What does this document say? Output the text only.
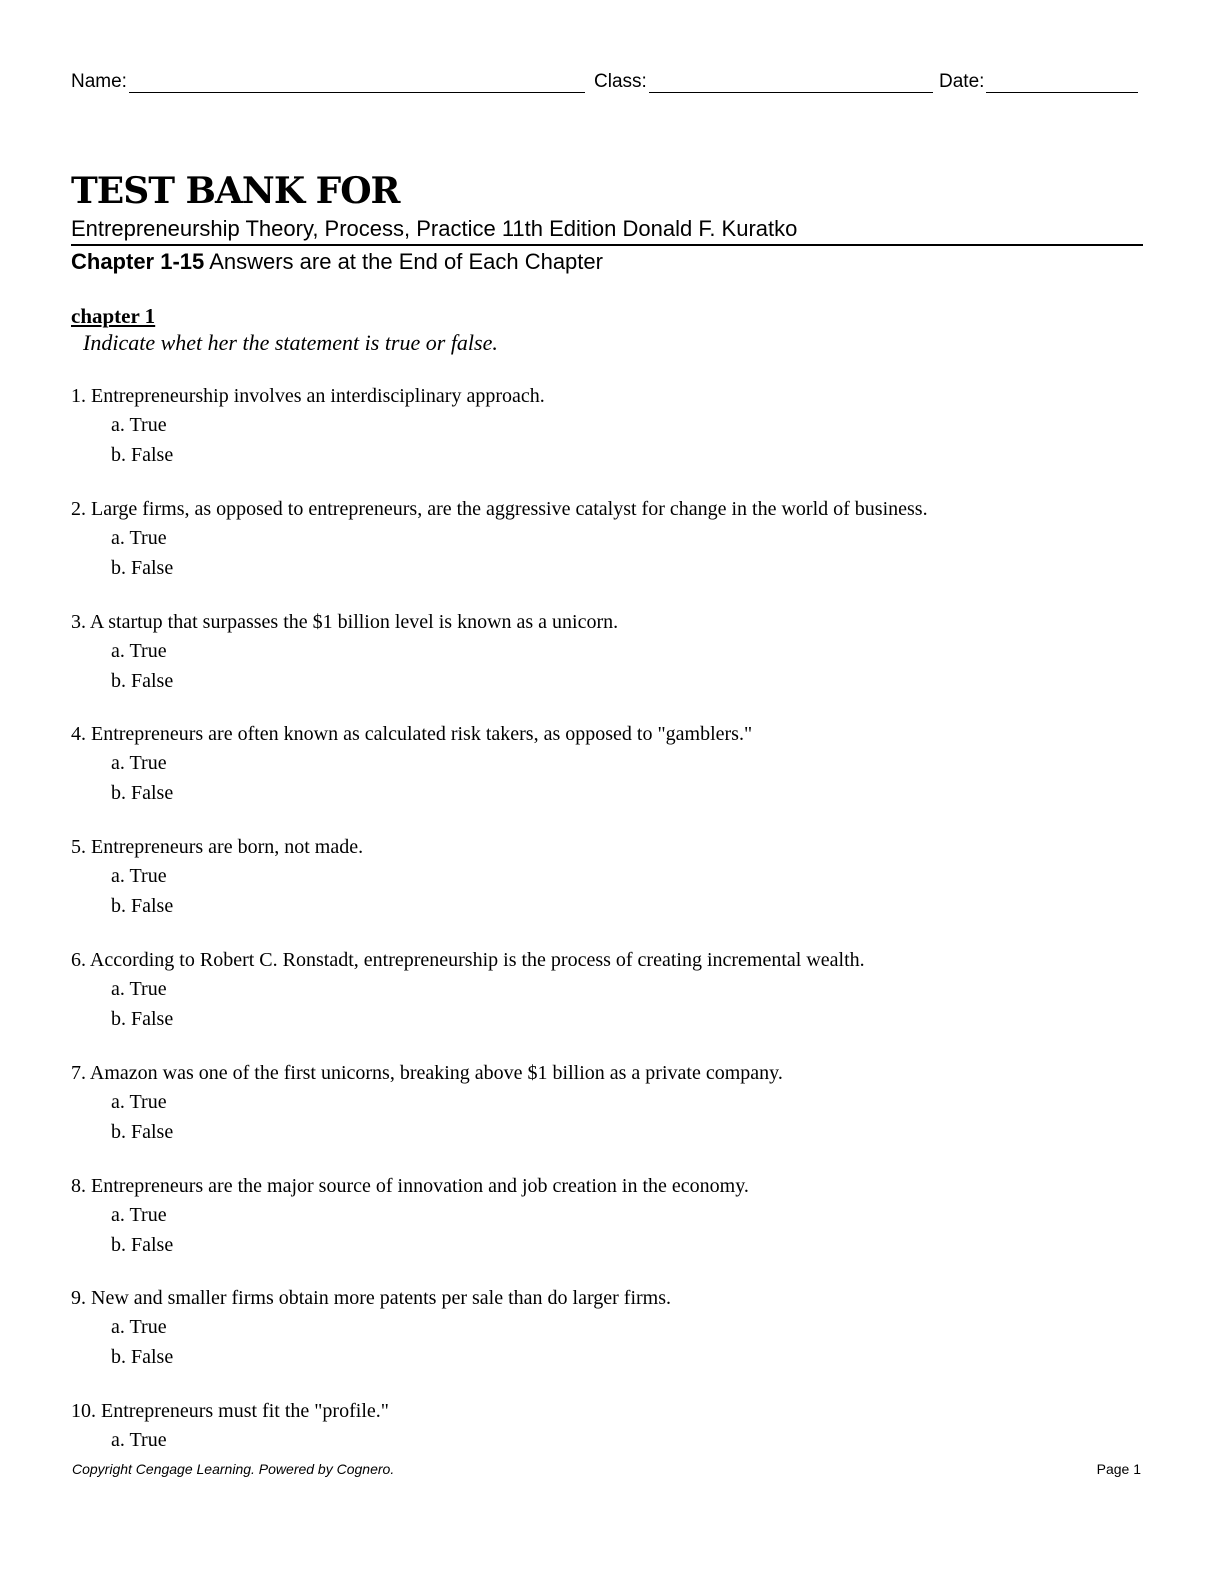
Name:	Class:	Date:
TEST BANK FOR
Entrepreneurship Theory, Process, Practice 11th Edition Donald F. Kuratko
Chapter 1-15 Answers are at the End of Each Chapter
chapter 1
Indicate whet her the statement is true or false.
1. Entrepreneurship involves an interdisciplinary approach.
a. True
b. False
2. Large firms, as opposed to entrepreneurs, are the aggressive catalyst for change in the world of business.
a. True
b. False
3. A startup that surpasses the $1 billion level is known as a unicorn.
a. True
b. False
4. Entrepreneurs are often known as calculated risk takers, as opposed to "gamblers."
a. True
b. False
5. Entrepreneurs are born, not made.
a. True
b. False
6. According to Robert C. Ronstadt, entrepreneurship is the process of creating incremental wealth.
a. True
b. False
7. Amazon was one of the first unicorns, breaking above $1 billion as a private company.
a. True
b. False
8. Entrepreneurs are the major source of innovation and job creation in the economy.
a. True
b. False
9. New and smaller firms obtain more patents per sale than do larger firms.
a. True
b. False
10. Entrepreneurs must fit the "profile."
a. True
Copyright Cengage Learning. Powered by Cognero.	Page 1
